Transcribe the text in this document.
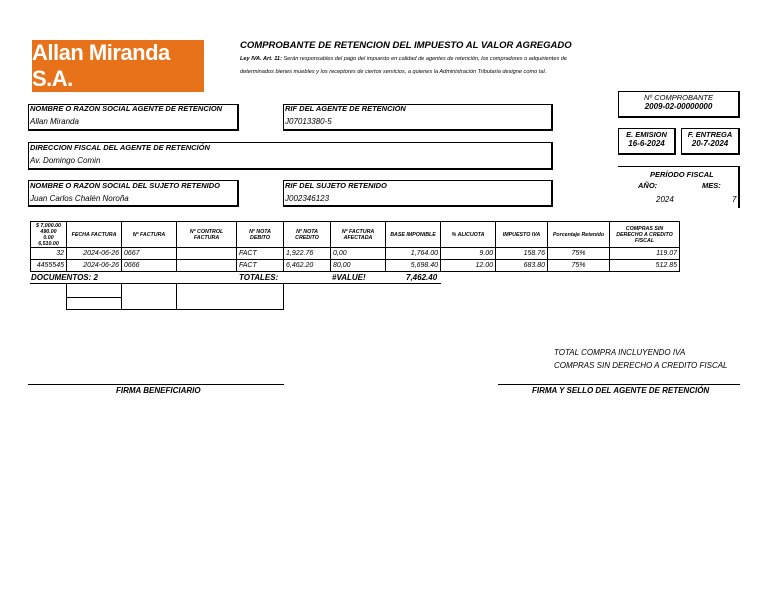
Allan Miranda S.A.
COMPROBANTE DE RETENCION DEL IMPUESTO AL VALOR AGREGADO
Ley IVA. Art. 11: Serán responsables del pago del impuesto en calidad de agentes de retención, los compradores o adquirientes de
determinados bienes muebles y los receptores de ciertos servicios, a quienes la Administración Tributaria designe como tal.
Nº COMPROBANTE
2009-02-00000000
E. EMISION
16-6-2024
F. ENTREGA
20-7-2024
PERÍODO FISCAL
AÑO:	MES:
2024	7
NOMBRE O RAZON SOCIAL AGENTE DE RETENCION
Allan Miranda
RIF DEL AGENTE DE RETENCIÓN
J07013380-5
DIRECCION FISCAL DEL AGENTE DE RETENCIÓN
Av. Domingo Comin
NOMBRE O RAZON SOCIAL DEL SUJETO RETENIDO
Juan Carlos Chalén Noroña
RIF DEL SUJETO RETENIDO
J002346123
$ 7,000.00
490.00
0.00
6,510.00	FECHA FACTURA	Nº FACTURA	Nº CONTROL FACTURA	Nº NOTA DEBITO	Nº NOTA CREDITO	Nº FACTURA AFECTADA	BASE IMPONIBLE	% ALICUOTA	IMPUESTO IVA	Porcentaje Retenido	COMPRAS SIN DERECHO A CREDITO FISCAL
32	2024-06-26	0667		FACT	1,922.76	0,00	1,764.00	9.00	158.76	75%	119.07
4455545	2024-06-26	0666		FACT	6,462.20	80,00	5,698.40	12.00	683.80	75%	512.85
DOCUMENTOS: 2	TOTALES:	#VALUE!	7,462.40
TOTAL COMPRA INCLUYENDO IVA
COMPRAS SIN DERECHO A CREDITO FISCAL
FIRMA BENEFICIARIO	FIRMA Y SELLO DEL AGENTE DE RETENCIÓN
